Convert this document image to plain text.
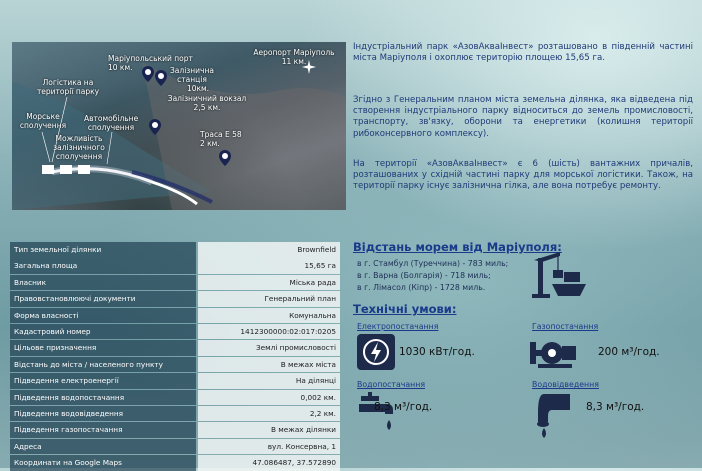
Логістика на території парку
Морське сполучення
Автомобільне сполучення
Можливість залізничного сполучення
Маріупольський порт
10 км.	Залізнична станція
10км.
Аеропорт Маріуполь
11 км.
Залізничний вокзал
2,5 км.
Траса Е 58
2 км.

Індустріальний парк «АзовАкваІнвест» розташовано в південній частині міста Маріуполя і охоплює територію площею 15,65 га.

Згідно з Генеральним планом міста земельна ділянка, яка відведена під створення індустріального парку відноситься до земель промисловості, транспорту, зв'язку, оборони та енергетики (колишня території рибоконсервного комплексу).

На території «АзовАкваІнвест» є 6 (шість) вантажних причалів, розташованих у східній частині парку для морської логістики. Також, на території парку існує залізнична гілка, але вона потребує ремонту.

Тип земельної ділянки	Brownfield
Загальна площа	15,65 га
Власник	Міська рада
Правовстановлюючі документи	Генеральний план
Форма власності	Комунальна
Кадастровий номер	1412300000:02:017:0205
Цільове призначення	Землі промисловості
Відстань до міста / населеного пункту	В межах міста
Підведення електроенергії	На ділянці
Підведення водопостачання	0,002 км.
Підведення водовідведення	2,2 км.
Підведення газопостачання	В межах ділянки
Адреса	вул. Консервна, 1
Координати на Google Maps	47.086487, 37.572890
Відстань морем від Маріуполя:
в г. Стамбул (Туреччина) - 783 миль;
в г. Варна (Болгарія) - 718 миль;
в г. Лімасол (Кіпр) - 1728 миль.
Технічні умови:
Електропостачання
1030 кВт/год.
Газопостачання
200 м³/год.
Водопостачання
8,3 м³/год.
Водовідведення
8,3 м³/год.
